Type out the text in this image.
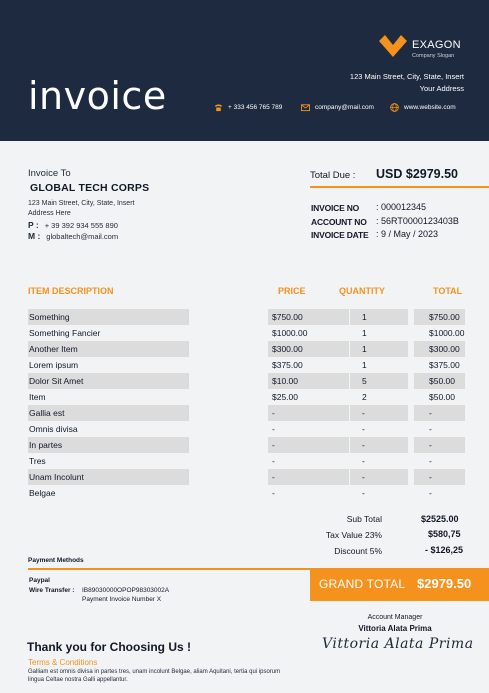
invoice
EXAGON
Company Slogan
123 Main Street, City, State, Insert
Your Address
+ 333 456 765 789	company@mail.com	www.website.com
Invoice To
GLOBAL TECH CORPS
123 Main Street, City, State, Insert
Address Here
P : + 39 392 934 555 890
M : globaltech@mail.com
Total Due : USD $2979.50
INVOICE NO : 000012345
ACCOUNT NO : 56RT0000123403B
INVOICE DATE : 9 / May / 2023
ITEM DESCRIPTION	PRICE	QUANTITY	TOTAL
Something	$750.00	1	$750.00
Something Fancier	$1000.00	1	$1000.00
Another Item	$300.00	1	$300.00
Lorem ipsum	$375.00	1	$375.00
Dolor Sit Amet	$10.00	5	$50.00
Item	$25.00	2	$50.00
Gallia est	-	-	-
Omnis divisa	-	-	-
In partes	-	-	-
Tres	-	-	-
Unam Incolunt	-	-	-
Belgae	-	-	-
Sub Total	$2525.00
Tax Value 23%	$580,75
Discount 5%	- $126,25
Payment Methods
Paypal
Wire Transfer : IB89030000OPOP98303002A
Payment Invoice Number X
GRAND TOTAL $2979.50
Account Manager
Vittoria Alata Prima
Vittoria Alata Prima
Thank you for Choosing Us !
Terms & Conditions
Galliam est omnis divisa in partes tres, unam incolunt Belgae, aliam Aquitani, tertia qui ipsorum
lingua Celtae nostra Galli appellantur.
